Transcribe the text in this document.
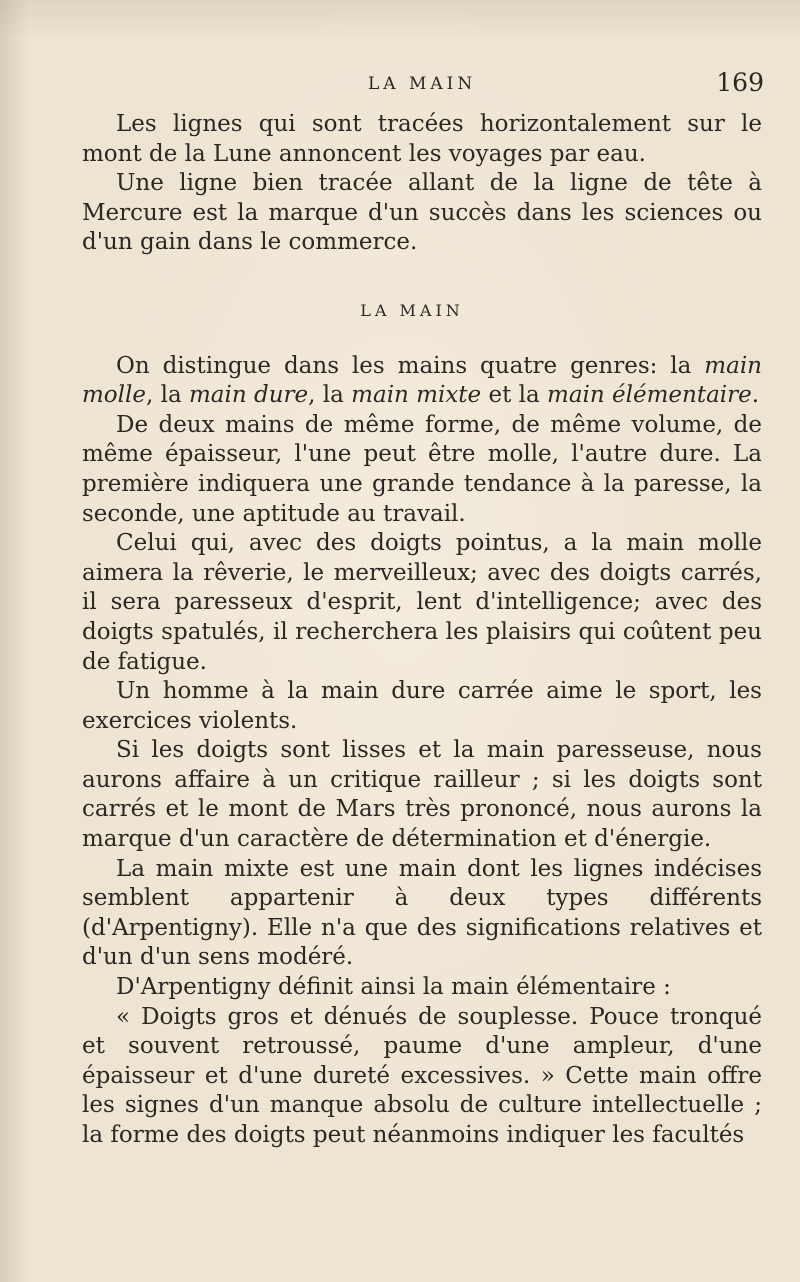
LA MAIN	169

Les lignes qui sont tracées horizontalement sur le mont de la Lune annoncent les voyages par eau.

Une ligne bien tracée allant de la ligne de tête à Mercure est la marque d'un succès dans les sciences ou d'un gain dans le commerce.

LA MAIN

On distingue dans les mains quatre genres: la main molle, la main dure, la main mixte et la main élémentaire.

De deux mains de même forme, de même volume, de même épaisseur, l'une peut être molle, l'autre dure. La première indiquera une grande tendance à la paresse, la seconde, une aptitude au travail.

Celui qui, avec des doigts pointus, a la main molle aimera la rêverie, le merveilleux; avec des doigts carrés, il sera paresseux d'esprit, lent d'intelligence; avec des doigts spatulés, il recherchera les plaisirs qui coûtent peu de fatigue.

Un homme à la main dure carrée aime le sport, les exercices violents.

Si les doigts sont lisses et la main paresseuse, nous aurons affaire à un critique railleur ; si les doigts sont carrés et le mont de Mars très prononcé, nous aurons la marque d'un caractère de détermination et d'énergie.

La main mixte est une main dont les lignes indécises semblent appartenir à deux types différents (d'Arpentigny). Elle n'a que des significations relatives et d'un d'un sens modéré.

D'Arpentigny définit ainsi la main élémentaire :

« Doigts gros et dénués de souplesse. Pouce tronqué et souvent retroussé, paume d'une ampleur, d'une épaisseur et d'une dureté excessives. » Cette main offre les signes d'un manque absolu de culture intellectuelle ; la forme des doigts peut néanmoins indiquer les facultés
